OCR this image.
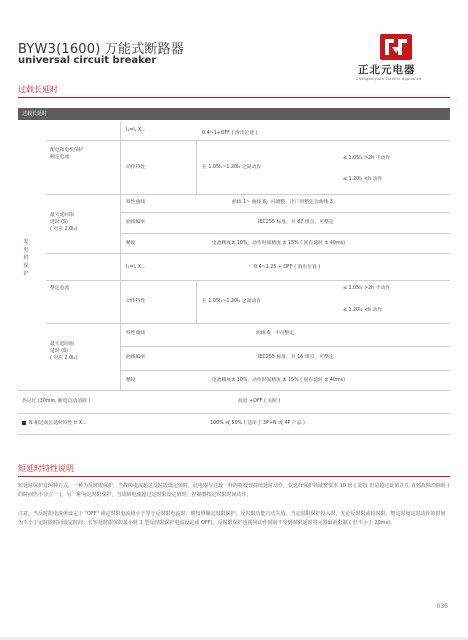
BYW3(1600) 万能式断路器
universal circuit breaker
正北元电器
Zhengbeiyuan Electric Appliance
过载长延时
过载长延时
I₁=I, X...
0.4~1+OFF ( 滑出位置 )
配电和电机保护
额定电流
动作特性	在 1.05I₁~1.20I₁ 之间动作
≤ 1.05I₁ >2h 不动作
≤ 1.20I₁ <h 动作
发
电
机
保
护
最大延时限
延时 (S)
( 对应 2.0I₁)
特性曲线	曲线 1~ 曲线 6，可调整，出厂时整定为曲线 3
曲线编率	IEC255 标准，共 87 组点，可整定
精度	电流精度± 10%，动作时间精度 ± 15% ( 固有延时 ± 40ms)
I₁=I, X...	0.4~1.25 + OFF ( 滑出位置 )
整定电流
动作特性	在 1.05I₁~1.20I₁ 之间动作
≤ 1.05I₁ >2h 不动作
≤ 1.20I₁ <h 动作
最大延时限
延时 (S)
( 对应 2.0I₁)
特性曲线	曲线 6，不可整定
曲线编率	IEC255 标准，共 16 组点，可整定
精度	电流精度± 10%，动作时间精度 ± 15% ( 固有延时 ± 40ms)
热记忆 (30min, 断电自动消除 )	投退 +OFF ( 关断 )
N 相过载长延时特性 Ir X...	100% 或 50% ( 适用于 3P+N 或 4P 产品 )
短延时特性说明
短延时保护有两种方式，一种为反时限保护，当故障电流超过反时限设定值时，此电器与过载一样的将按该持续延时动作，仅选择保护领域整要求 10 倍 ( 需按 但是超过此值并且 直到故障消除时 ) 的时间仍不分立一 )，另一种为定时限保护，当故障电流超过定时限设定值时，控制器按定时限时间动作。
注意，当反时限电流值设定于 "OFF" 或定时限电流值小于等于反时限电流时，则按照额定时限保护，反时限功能自动失效。当定时限保护投入时，无论反时限或短时限，整定时间定时动作的时间为不小于定时限时间设定时间；长短延时限保护最小时 1 型反时限保护电流设定或 OFF)，反时限保护也视同动作时间不受到时限延时将元器最前限制 ( 但不小于 20ms)。
036
